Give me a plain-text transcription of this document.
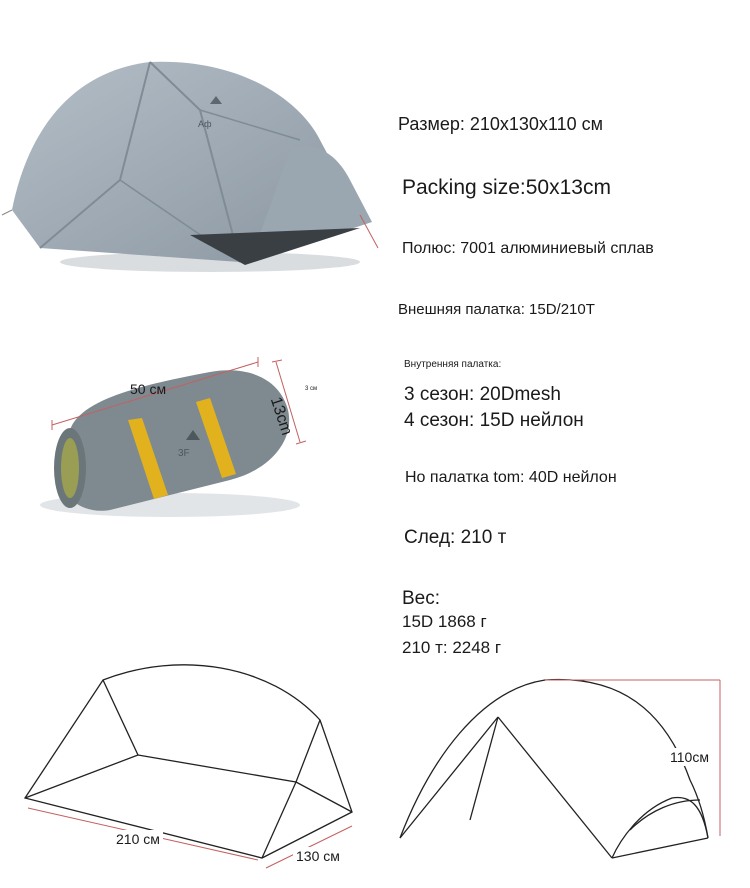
Аф
3F
50 см
13cm
3 см
Размер: 210x130x110 см
Packing size:50x13cm
Полюс: 7001 алюминиевый сплав
Внешняя палатка: 15D/210T
Внутренняя палатка:
3 сезон: 20Dmesh
4 сезон: 15D нейлон
Но палатка tom: 40D нейлон
След: 210 т
Вес:
15D 1868 г
210 т: 2248 г
210 см
130 см
110см
